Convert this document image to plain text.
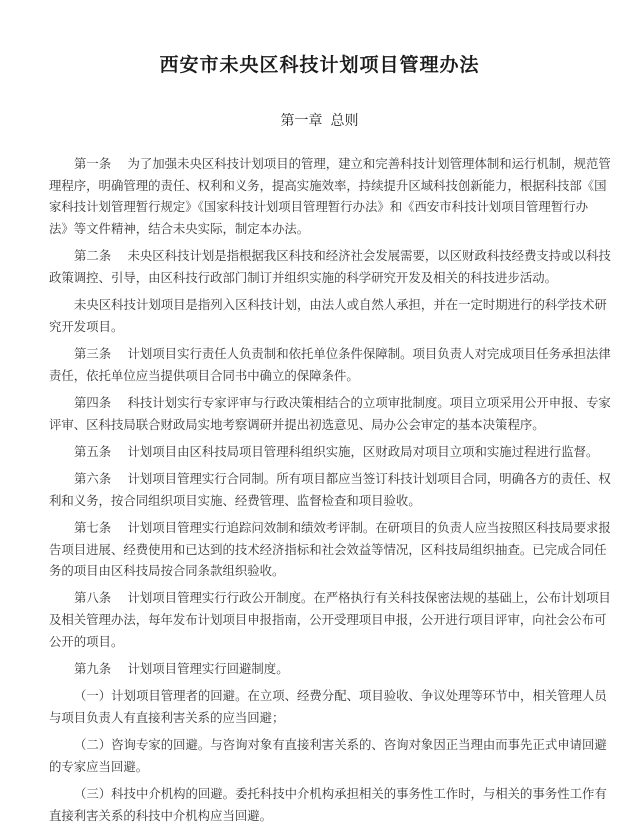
西安市未央区科技计划项目管理办法
第一章 总则
第一条　 为了加强未央区科技计划项目的管理，建立和完善科技计划管理体制和运行机制，规范管
理程序，明确管理的责任、权利和义务，提高实施效率，持续提升区域科技创新能力，根据科技部《国
家科技计划管理暂行规定》《国家科技计划项目管理暂行办法》和《西安市科技计划项目管理暂行办
法》等文件精神，结合未央实际，制定本办法。
第二条　 未央区科技计划是指根据我区科技和经济社会发展需要，以区财政科技经费支持或以科技
政策调控、引导，由区科技行政部门制订并组织实施的科学研究开发及相关的科技进步活动。
未央区科技计划项目是指列入区科技计划，由法人或自然人承担，并在一定时期进行的科学技术研
究开发项目。
第三条　 计划项目实行责任人负责制和依托单位条件保障制。项目负责人对完成项目任务承担法律
责任，依托单位应当提供项目合同书中确立的保障条件。
第四条　 科技计划实行专家评审与行政决策相结合的立项审批制度。项目立项采用公开申报、专家
评审、区科技局联合财政局实地考察调研并提出初选意见、局办公会审定的基本决策程序。
第五条　 计划项目由区科技局项目管理科组织实施，区财政局对项目立项和实施过程进行监督。
第六条　 计划项目管理实行合同制。所有项目都应当签订科技计划项目合同，明确各方的责任、权
利和义务，按合同组织项目实施、经费管理、监督检查和项目验收。
第七条　 计划项目管理实行追踪问效制和绩效考评制。在研项目的负责人应当按照区科技局要求报
告项目进展、经费使用和已达到的技术经济指标和社会效益等情况，区科技局组织抽查。已完成合同任
务的项目由区科技局按合同条款组织验收。
第八条　 计划项目管理实行行政公开制度。在严格执行有关科技保密法规的基础上，公布计划项目
及相关管理办法，每年发布计划项目申报指南，公开受理项目申报，公开进行项目评审，向社会公布可
公开的项目。
第九条　 计划项目管理实行回避制度。
（一）计划项目管理者的回避。在立项、经费分配、项目验收、争议处理等环节中，相关管理人员
与项目负责人有直接利害关系的应当回避；
（二）咨询专家的回避。与咨询对象有直接利害关系的、咨询对象因正当理由而事先正式申请回避
的专家应当回避。
（三）科技中介机构的回避。委托科技中介机构承担相关的事务性工作时，与相关的事务性工作有
直接利害关系的科技中介机构应当回避。
